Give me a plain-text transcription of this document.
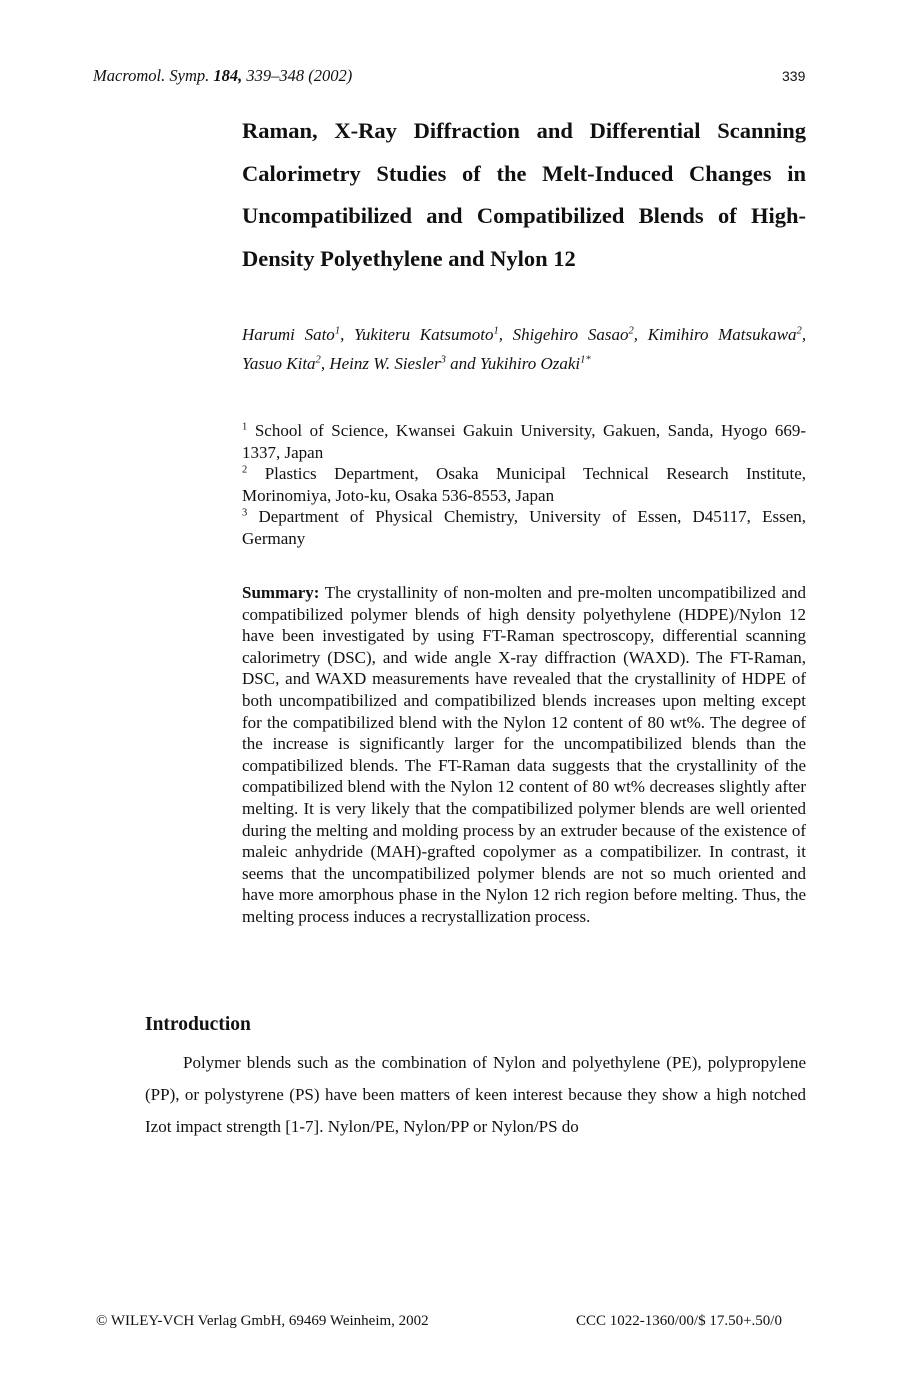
Macromol. Symp. 184, 339–348 (2002)	339
Raman, X-Ray Diffraction and Differential Scanning Calorimetry Studies of the Melt-Induced Changes in Uncompatibilized and Compatibilized Blends of High-Density Polyethylene and Nylon 12
Harumi Sato$^1$, Yukiteru Katsumoto$^1$, Shigehiro Sasao$^2$, Kimihiro Matsukawa$^2$, Yasuo Kita$^2$, Heinz W. Siesler$^3$ and Yukihiro Ozaki$^{1*}$
$^1$ School of Science, Kwansei Gakuin University, Gakuen, Sanda, Hyogo 669-1337, Japan
$^2$ Plastics Department, Osaka Municipal Technical Research Institute, Morinomiya, Joto-ku, Osaka 536-8553, Japan
$^3$ Department of Physical Chemistry, University of Essen, D45117, Essen, Germany
Summary: The crystallinity of non-molten and pre-molten uncompatibilized and compatibilized polymer blends of high density polyethylene (HDPE)/Nylon 12 have been investigated by using FT-Raman spectroscopy, differential scanning calorimetry (DSC), and wide angle X-ray diffraction (WAXD). The FT-Raman, DSC, and WAXD measurements have revealed that the crystallinity of HDPE of both uncompatibilized and compatibilized blends increases upon melting except for the compatibilized blend with the Nylon 12 content of 80 wt%. The degree of the increase is significantly larger for the uncompatibilized blends than the compatibilized blends. The FT-Raman data suggests that the crystallinity of the compatibilized blend with the Nylon 12 content of 80 wt% decreases slightly after melting. It is very likely that the compatibilized polymer blends are well oriented during the melting and molding process by an extruder because of the existence of maleic anhydride (MAH)-grafted copolymer as a compatibilizer. In contrast, it seems that the uncompatibilized polymer blends are not so much oriented and have more amorphous phase in the Nylon 12 rich region before melting. Thus, the melting process induces a recrystallization process.
Introduction

Polymer blends such as the combination of Nylon and polyethylene (PE), polypropylene (PP), or polystyrene (PS) have been matters of keen interest because they show a high notched Izot impact strength [1-7]. Nylon/PE, Nylon/PP or Nylon/PS do

© WILEY-VCH Verlag GmbH, 69469 Weinheim, 2002	CCC 1022-1360/00/$ 17.50+.50/0
